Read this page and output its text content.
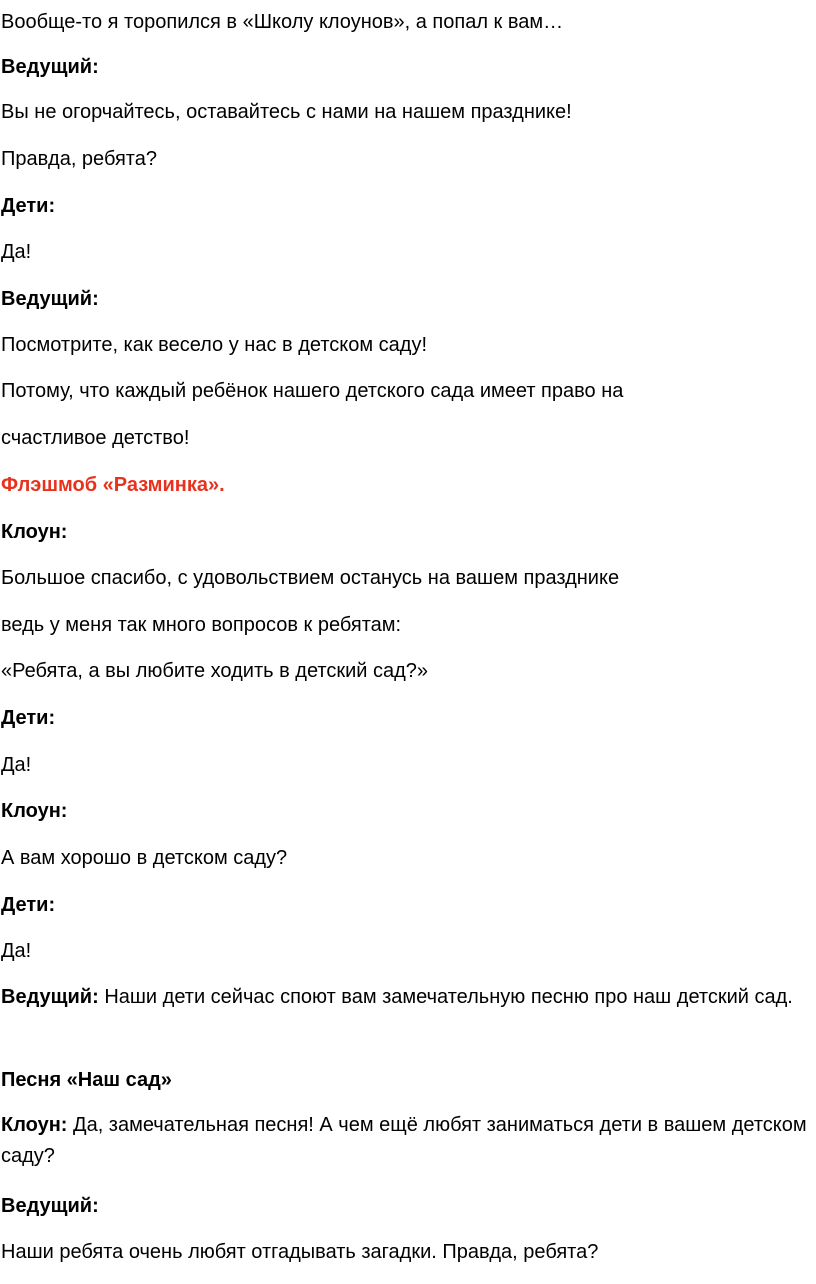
Вообще-то я торопился в «Школу клоунов», а попал к вам…

Ведущий:

Вы не огорчайтесь, оставайтесь с нами на нашем празднике!

Правда, ребята?

Дети:

Да!

Ведущий:

Посмотрите, как весело у нас в детском саду!

Потому, что каждый ребёнок нашего детского сада имеет право на

счастливое детство!

Флэшмоб «Разминка».

Клоун:

Большое спасибо, с удовольствием останусь на вашем празднике

ведь у меня так много вопросов к ребятам:

«Ребята, а вы любите ходить в детский сад?»

Дети:

Да!

Клоун:

А вам хорошо в детском саду?

Дети:

Да!

Ведущий: Наши дети сейчас споют вам замечательную песню про наш детский сад.

Песня «Наш сад»

Клоун: Да, замечательная песня! А чем ещё любят заниматься дети в вашем детском саду?

Ведущий:

Наши ребята очень любят отгадывать загадки. Правда, ребята?
